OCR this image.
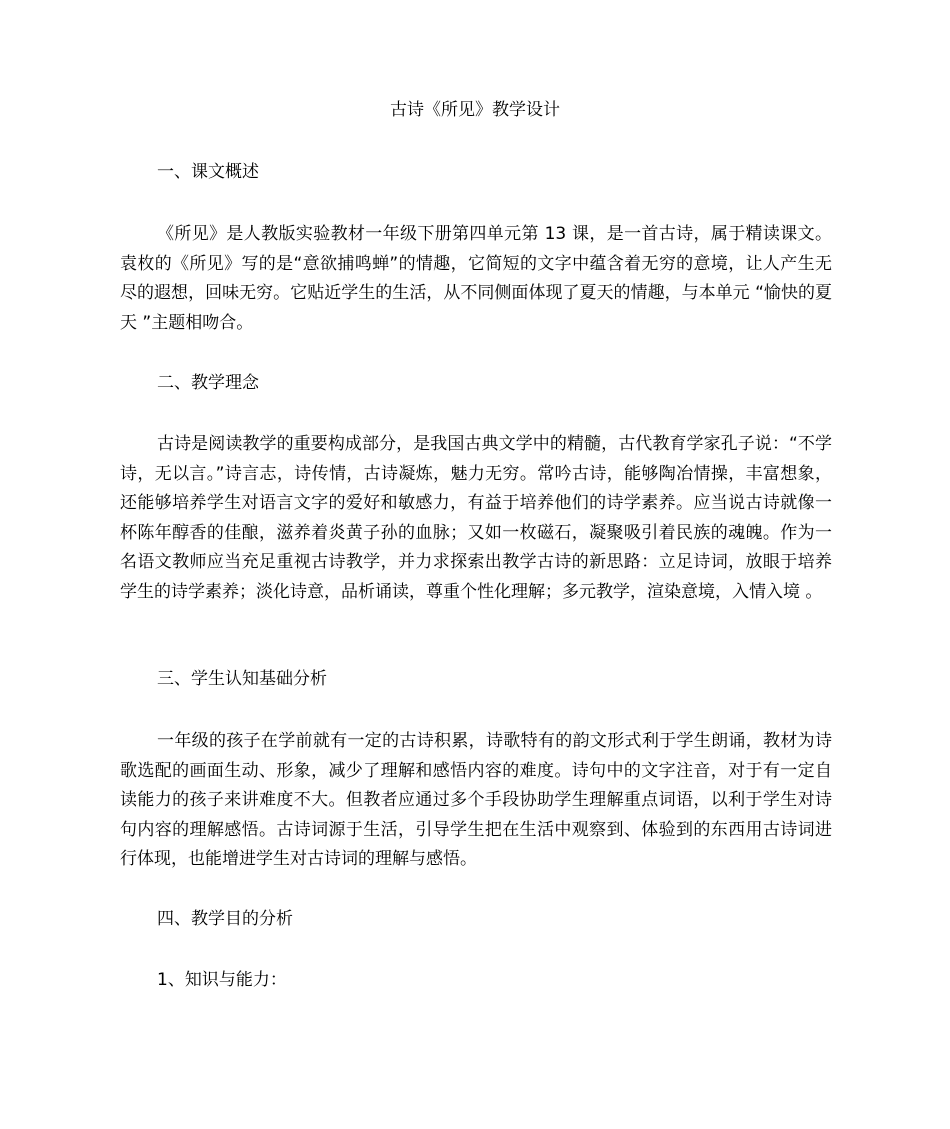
古诗《所见》教学设计
一、课文概述

《所见》是人教版实验教材一年级下册第四单元第 13 课，是一首古诗，属于精读课文。袁枚的《所见》写的是“意欲捕鸣蝉”的情趣，它简短的文字中蕴含着无穷的意境，让人产生无尽的遐想，回味无穷。它贴近学生的生活，从不同侧面体现了夏天的情趣，与本单元 “愉快的夏天 ”主题相吻合。

二、教学理念

古诗是阅读教学的重要构成部分，是我国古典文学中的精髓，古代教育学家孔子说：“不学诗，无以言。”诗言志，诗传情，古诗凝炼，魅力无穷。常吟古诗，能够陶冶情操，丰富想象，还能够培养学生对语言文字的爱好和敏感力，有益于培养他们的诗学素养。应当说古诗就像一杯陈年醇香的佳酿，滋养着炎黄子孙的血脉；又如一枚磁石，凝聚吸引着民族的魂魄。作为一名语文教师应当充足重视古诗教学，并力求探索出教学古诗的新思路：立足诗词，放眼于培养学生的诗学素养；淡化诗意，品析诵读，尊重个性化理解；多元教学，渲染意境，入情入境 。

三、学生认知基础分析

一年级的孩子在学前就有一定的古诗积累，诗歌特有的韵文形式利于学生朗诵，教材为诗歌选配的画面生动、形象，减少了理解和感悟内容的难度。诗句中的文字注音，对于有一定自读能力的孩子来讲难度不大。但教者应通过多个手段协助学生理解重点词语，以利于学生对诗句内容的理解感悟。古诗词源于生活，引导学生把在生活中观察到、体验到的东西用古诗词进行体现，也能增进学生对古诗词的理解与感悟。

四、教学目的分析
1、知识与能力：
